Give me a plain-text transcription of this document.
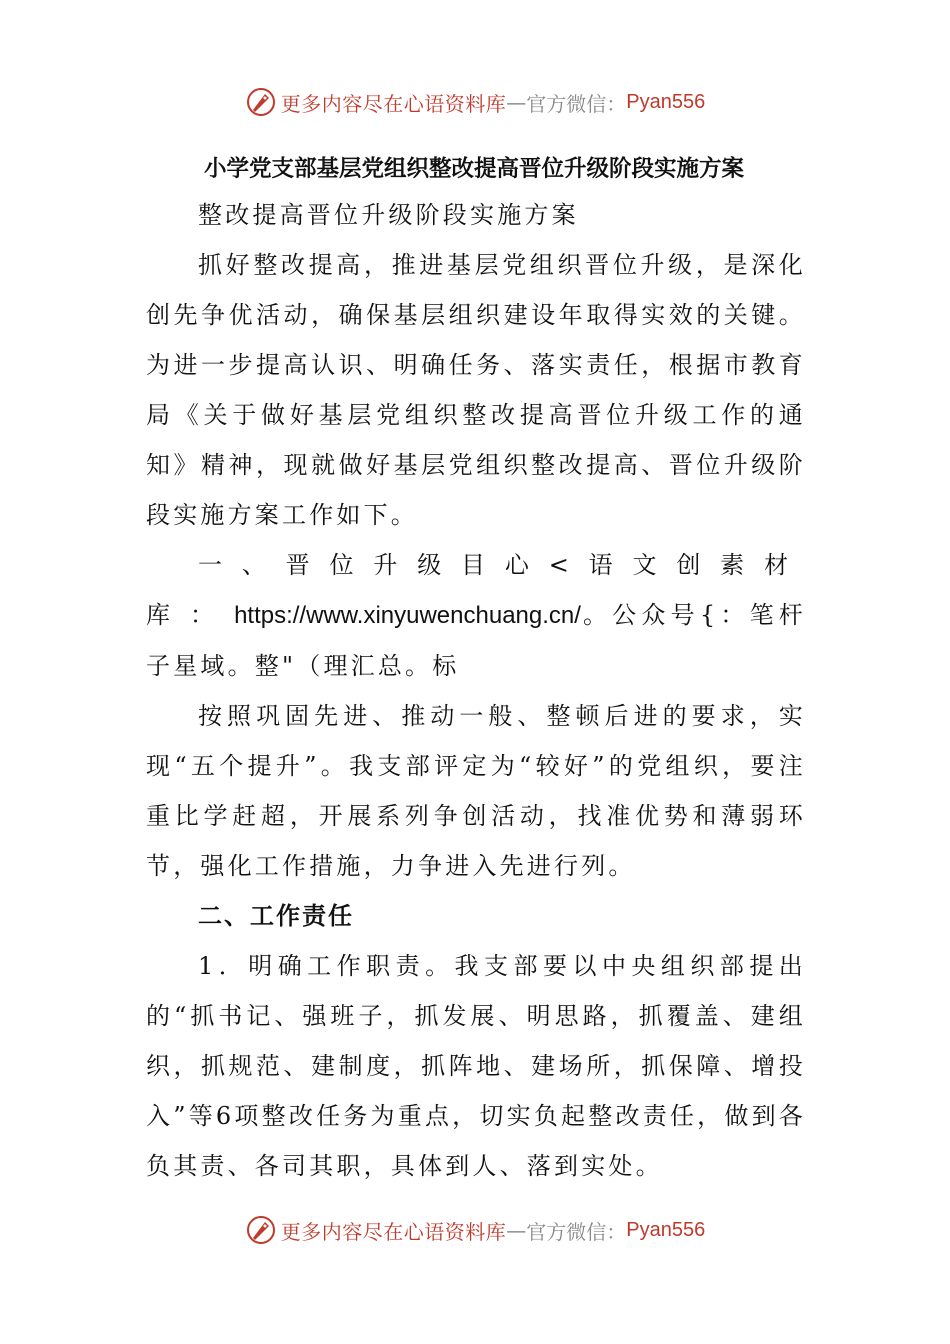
更多内容尽在心语资料库 — 官方微信： Pyan556
小学党支部基层党组织整改提高晋位升级阶段实施方案

整改提高晋位升级阶段实施方案

抓好整改提高，推进基层党组织晋位升级，是深化创先争优活动，确保基层组织建设年取得实效的关键。为进一步提高认识、明确任务、落实责任，根据市教育局《关于做好基层党组织整改提高晋位升级工作的通知》精神，现就做好基层党组织整改提高、晋位升级阶段实施方案工作如下。

一、晋位升级目心<语文创素材库：https://www.xinyuwenchuang.cn/。公众号{：笔杆子星域。整"（理汇总。标

按照巩固先进、推动一般、整顿后进的要求，实现“五个提升”。我支部评定为“较好”的党组织，要注重比学赶超，开展系列争创活动，找准优势和薄弱环节，强化工作措施，力争进入先进行列。

二、工作责任

1．明确工作职责。我支部要以中央组织部提出的“抓书记、强班子，抓发展、明思路，抓覆盖、建组织，抓规范、建制度，抓阵地、建场所，抓保障、增投入”等6项整改任务为重点，切实负起整改责任，做到各负其责、各司其职，具体到人、落到实处。

更多内容尽在心语资料库 — 官方微信： Pyan556
